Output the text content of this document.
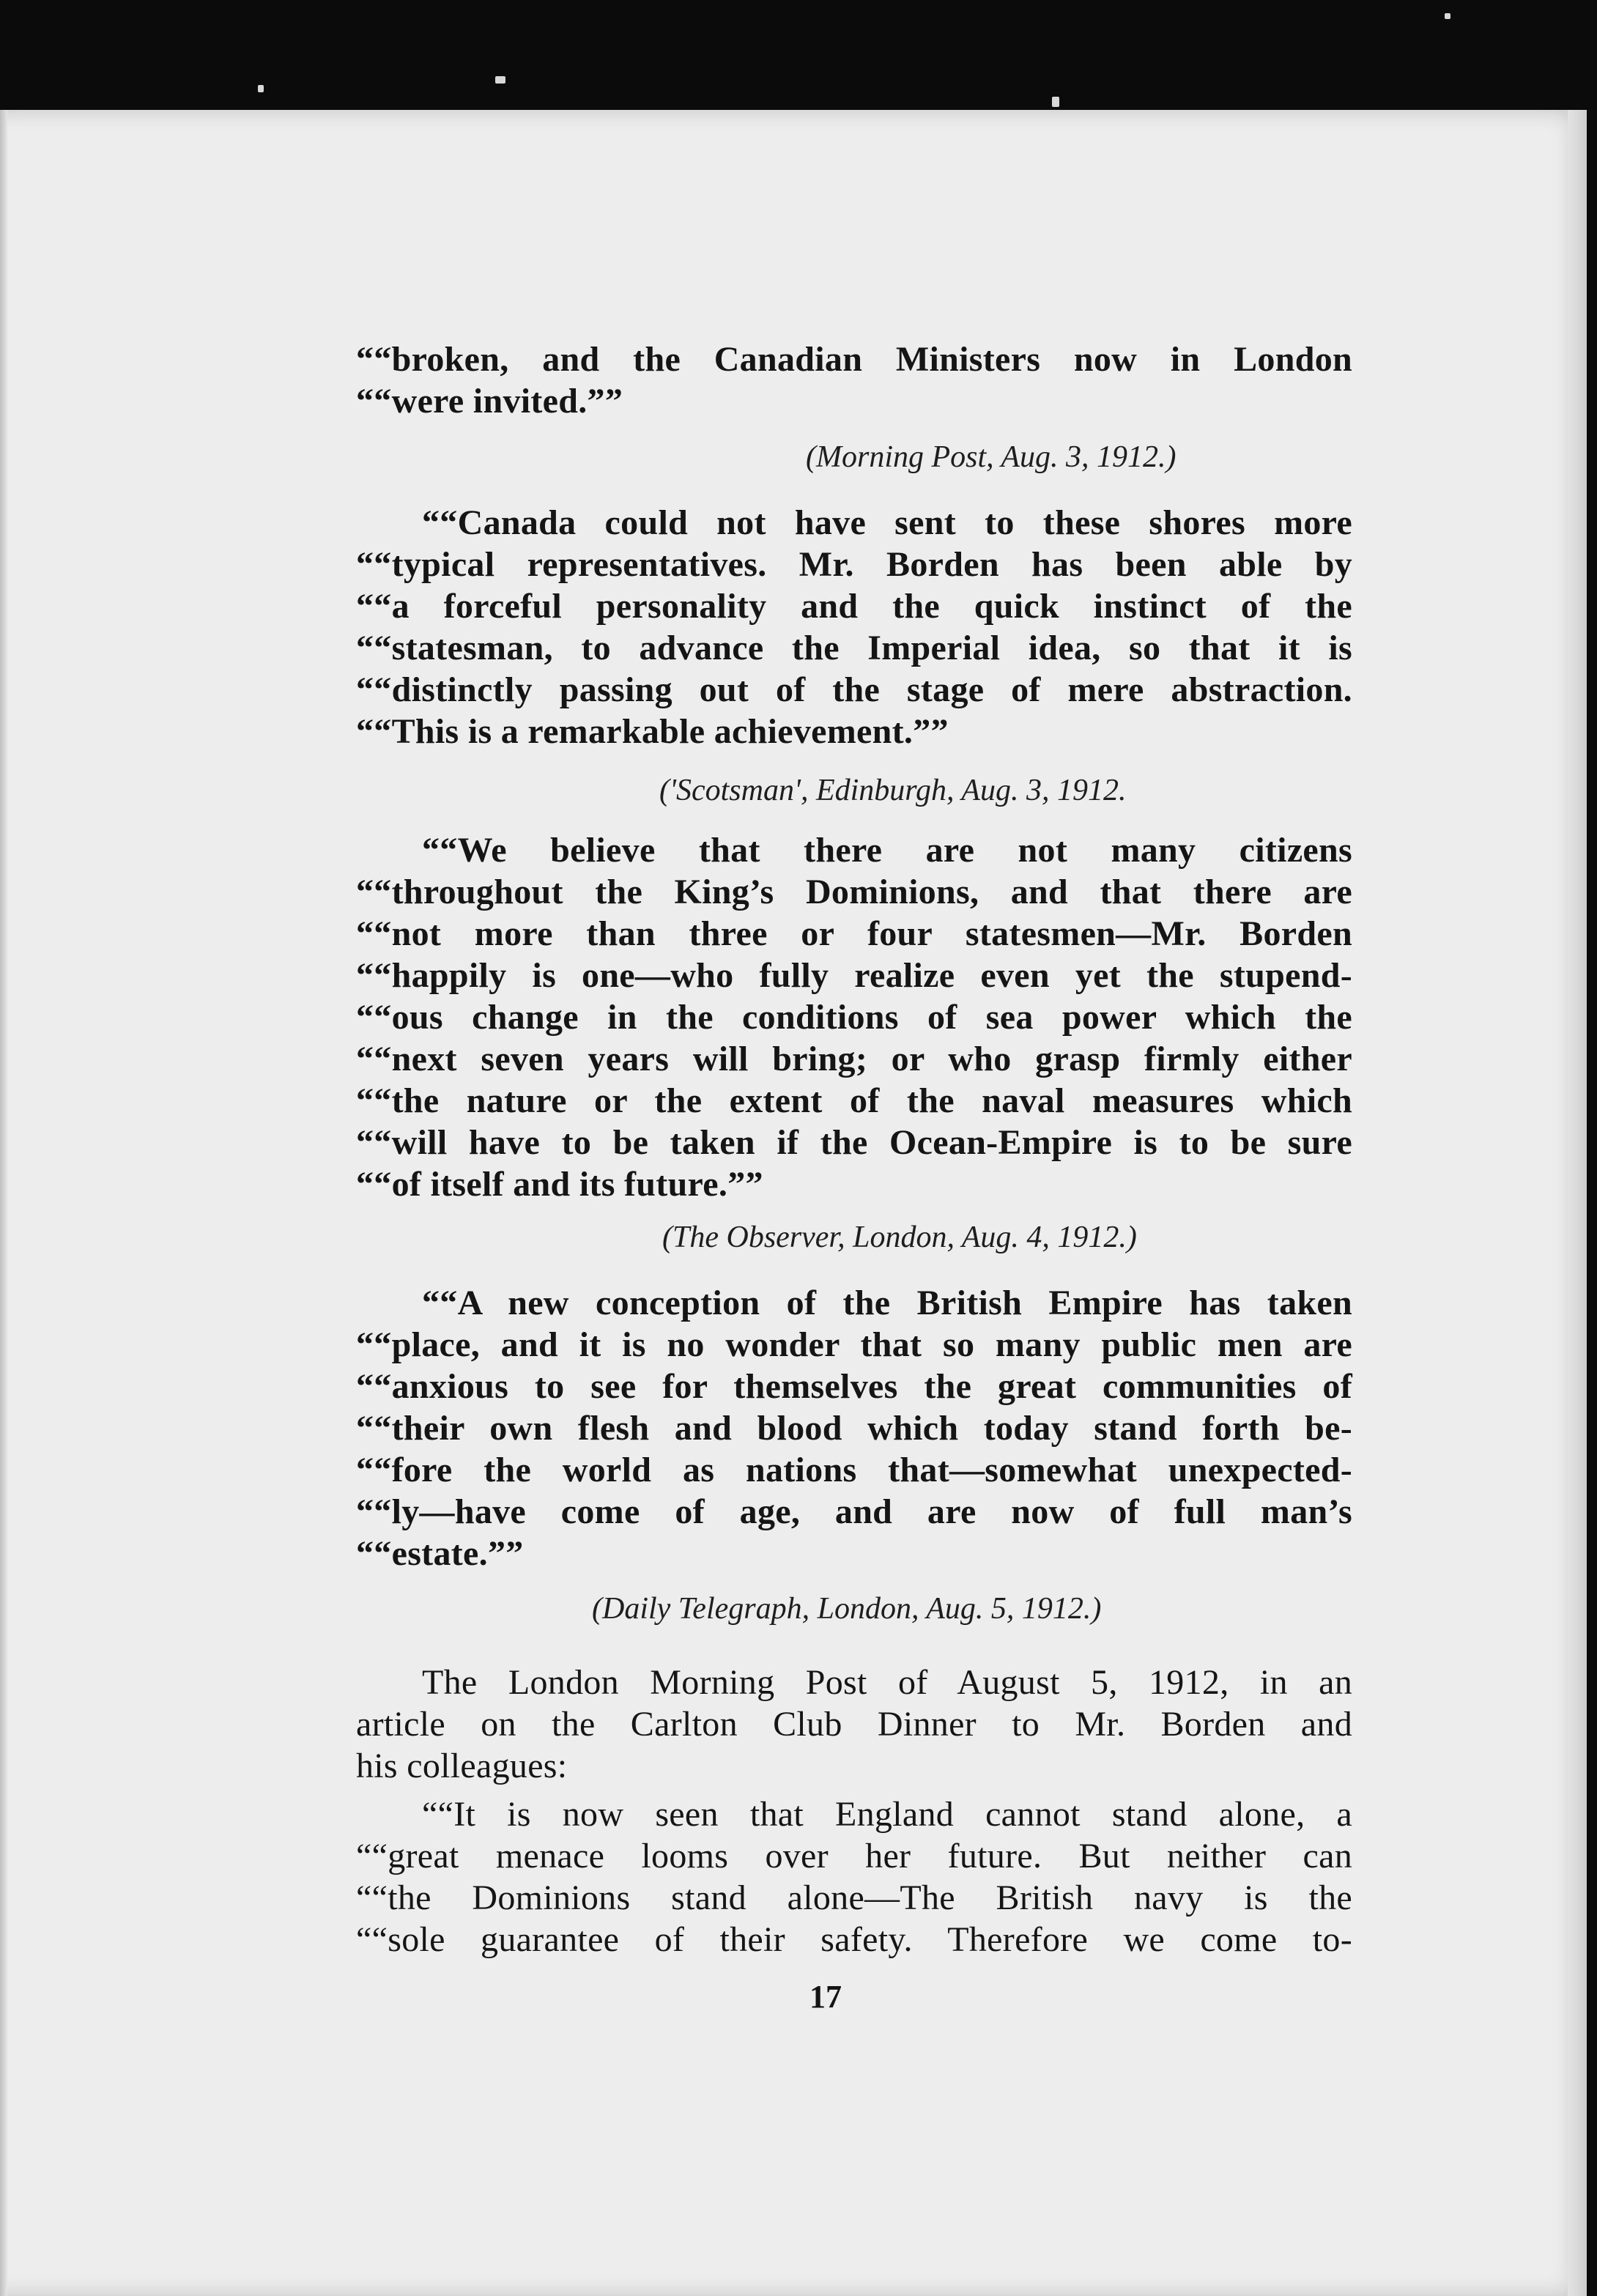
““broken, and the Canadian Ministers now in London
““were invited.””

(Morning Post, Aug. 3, 1912.)

““Canada could not have sent to these shores more
““typical representatives. Mr. Borden has been able by
““a forceful personality and the quick instinct of the
““statesman, to advance the Imperial idea, so that it is
““distinctly passing out of the stage of mere abstraction.
““This is a remarkable achievement.””

('Scotsman', Edinburgh, Aug. 3, 1912.

““We believe that there are not many citizens
““throughout the King’s Dominions, and that there are
““not more than three or four statesmen—Mr. Borden
““happily is one—who fully realize even yet the stupend-
““ous change in the conditions of sea power which the
““next seven years will bring; or who grasp firmly either
““the nature or the extent of the naval measures which
““will have to be taken if the Ocean-Empire is to be sure
““of itself and its future.””

(The Observer, London, Aug. 4, 1912.)

““A new conception of the British Empire has taken
““place, and it is no wonder that so many public men are
““anxious to see for themselves the great communities of
““their own flesh and blood which today stand forth be-
““fore the world as nations that—somewhat unexpected-
““ly—have come of age, and are now of full man’s
““estate.””

(Daily Telegraph, London, Aug. 5, 1912.)

The London Morning Post of August 5, 1912, in an
article on the Carlton Club Dinner to Mr. Borden and
his colleagues:

““It is now seen that England cannot stand alone, a
““great menace looms over her future. But neither can
““the Dominions stand alone—The British navy is the
““sole guarantee of their safety. Therefore we come to-

17
